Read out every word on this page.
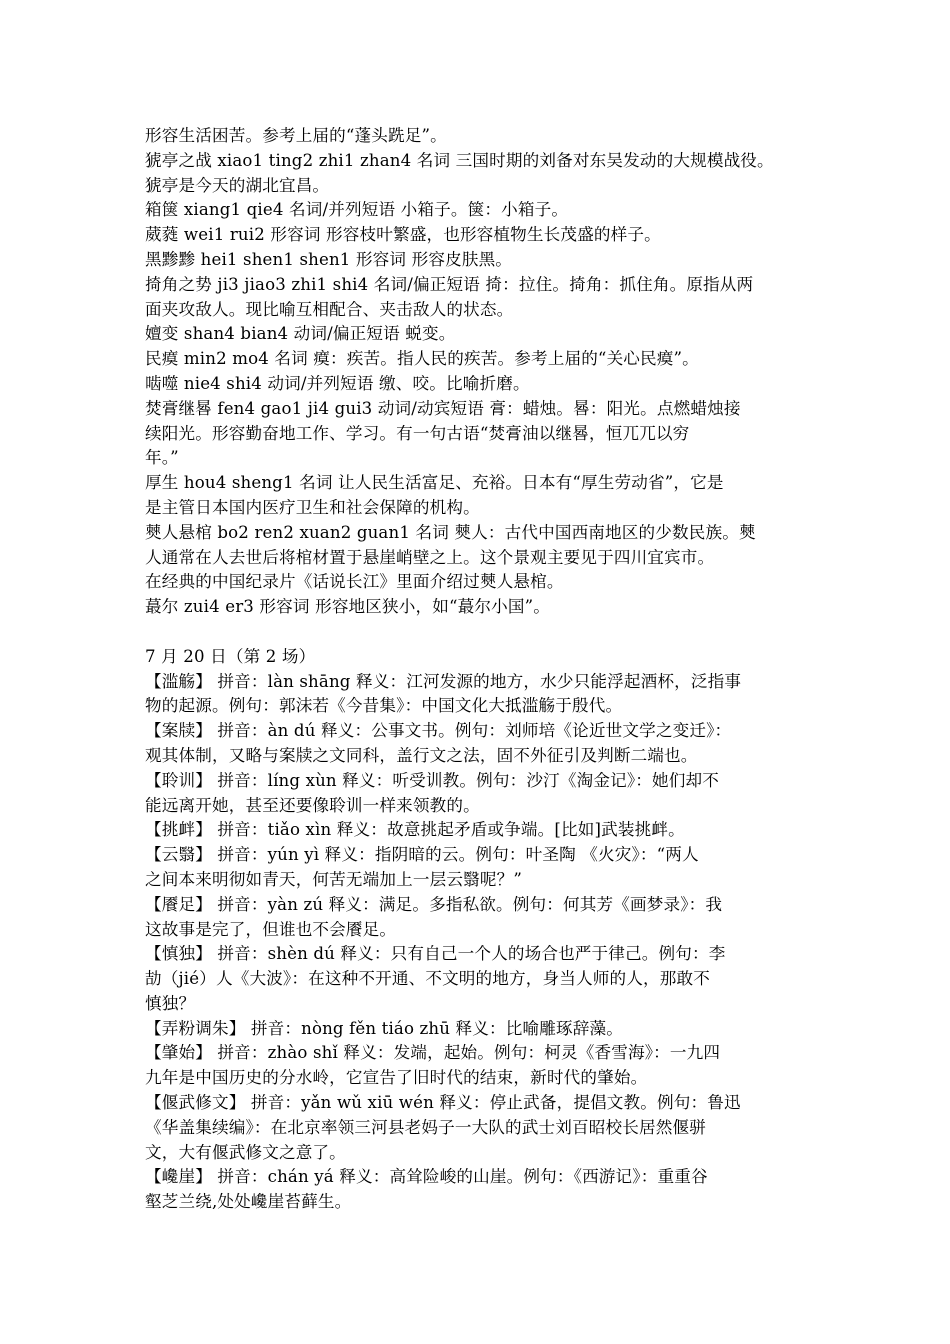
形容生活困苦。参考上届的“蓬头跣足”。
猇亭之战 xiao1 ting2 zhi1 zhan4 名词 三国时期的刘备对东吴发动的大规模战役。
猇亭是今天的湖北宜昌。
箱箧 xiang1 qie4 名词/并列短语 小箱子。箧：小箱子。
葳蕤 wei1 rui2 形容词 形容枝叶繁盛，也形容植物生长茂盛的样子。
黑黪黪 hei1 shen1 shen1 形容词 形容皮肤黑。
掎角之势 ji3 jiao3 zhi1 shi4 名词/偏正短语 掎：拉住。掎角：抓住角。原指从两
面夹攻敌人。现比喻互相配合、夹击敌人的状态。
嬗变 shan4 bian4 动词/偏正短语 蜕变。
民瘼 min2 mo4 名词 瘼：疾苦。指人民的疾苦。参考上届的“关心民瘼”。
啮噬 nie4 shi4 动词/并列短语 缴、咬。比喻折磨。
焚膏继晷 fen4 gao1 ji4 gui3 动词/动宾短语 膏：蜡烛。晷：阳光。点燃蜡烛接
续阳光。形容勤奋地工作、学习。有一句古语“焚膏油以继晷，恒兀兀以穷
年。”
厚生 hou4 sheng1 名词 让人民生活富足、充裕。日本有“厚生劳动省”，它是
是主管日本国内医疗卫生和社会保障的机构。
僰人悬棺 bo2 ren2 xuan2 guan1 名词 僰人：古代中国西南地区的少数民族。僰
人通常在人去世后将棺材置于悬崖峭壁之上。这个景观主要见于四川宜宾市。
在经典的中国纪录片《话说长江》里面介绍过僰人悬棺。
蕞尔 zui4 er3 形容词 形容地区狭小，如“蕞尔小国”。
7 月 20 日（第 2 场）
【滥觞】 拼音：làn shāng 释义：江河发源的地方，水少只能浮起酒杯，泛指事
物的起源。例句：郭沫若《今昔集》：中国文化大抵滥觞于殷代。
【案牍】 拼音：àn dú 释义：公事文书。例句：刘师培《论近世文学之变迁》：
观其体制，又略与案牍之文同科，盖行文之法，固不外征引及判断二端也。
【聆训】 拼音：líng xùn 释义：听受训教。例句：沙汀《淘金记》：她们却不
能远离开她，甚至还要像聆训一样来领教的。
【挑衅】 拼音：tiǎo xìn 释义：故意挑起矛盾或争端。[比如]武装挑衅。
【云翳】 拼音：yún yì 释义：指阴暗的云。例句：叶圣陶 《火灾》：“两人
之间本来明彻如青天，何苦无端加上一层云翳呢？”
【餍足】 拼音：yàn zú 释义：满足。多指私欲。例句：何其芳《画梦录》：我
这故事是完了，但谁也不会餍足。
【慎独】 拼音：shèn dú 释义：只有自己一个人的场合也严于律己。例句：李
劼（jié）人《大波》：在这种不开通、不文明的地方，身当人师的人，那敢不
慎独？
【弄粉调朱】 拼音：nòng fěn tiáo zhū 释义：比喻雕琢辞藻。
【肇始】 拼音：zhào shǐ 释义：发端，起始。例句：柯灵《香雪海》：一九四
九年是中国历史的分水岭，它宣告了旧时代的结束，新时代的肇始。
【偃武修文】 拼音：yǎn wǔ xiū wén 释义：停止武备，提倡文教。例句：鲁迅
《华盖集续编》：在北京率领三河县老妈子一大队的武士刘百昭校长居然偃骈
文，大有偃武修文之意了。
【巉崖】 拼音：chán yá 释义：高耸险峻的山崖。例句：《西游记》：重重谷
壑芝兰绕,处处巉崖苔藓生。
